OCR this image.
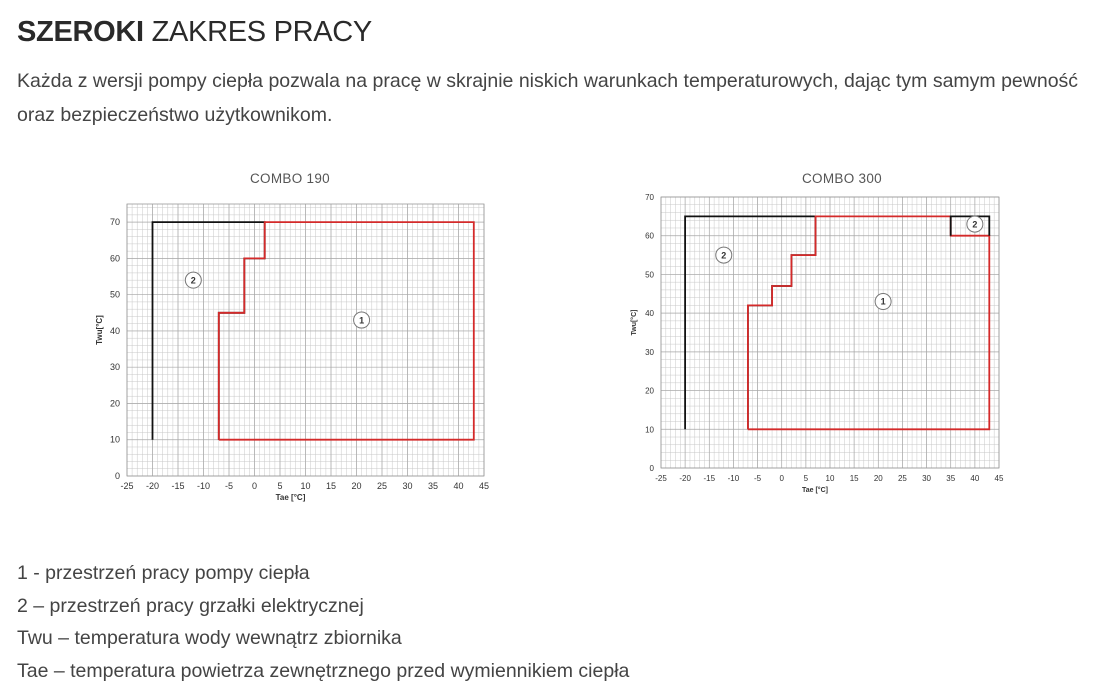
SZEROKI ZAKRES PRACY
Każda z wersji pompy ciepła pozwala na pracę w skrajnie niskich warunkach temperaturowych, dając tym samym pewność oraz bezpieczeństwo użytkownikom.
COMBO 190	COMBO 300
-25 -20 -15 -10 -5 0 5 10 15 20 25 30 35 40 45
0
10
20
30
40
50
60
70
Tae [°C]
Twu[°C]
2
1
-25 -20 -15 -10 -5 0 5 10 15 20 25 30 35 40 45
0
10
20
30
40
50
60
70
Tae [°C]
Twu[°C]
2
1
2
1 - przestrzeń pracy pompy ciepła
2 – przestrzeń pracy grzałki elektrycznej
Twu – temperatura wody wewnątrz zbiornika
Tae – temperatura powietrza zewnętrznego przed wymiennikiem ciepła
